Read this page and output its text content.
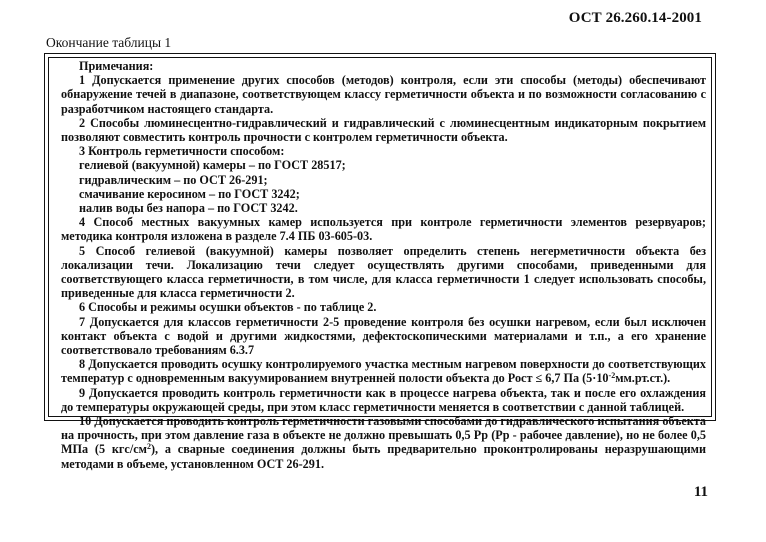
ОСТ 26.260.14-2001
Окончание таблицы 1

Примечания:

1 Допускается применение других способов (методов) контроля, если эти способы (методы) обеспечивают обнаружение течей в диапазоне, соответствующем классу герметичности объекта и по возможности согласованию с разработчиком настоящего стандарта.

2 Способы люминесцентно-гидравлический и гидравлический с люминесцентным индикаторным покрытием позволяют совместить контроль прочности с контролем герметичности объекта.

3 Контроль герметичности способом:

гелиевой (вакуумной) камеры – по ГОСТ 28517;

гидравлическим – по ОСТ 26-291;

смачивание керосином – по ГОСТ 3242;

налив воды без напора – по ГОСТ 3242.

4 Способ местных вакуумных камер используется при контроле герметичности элементов резервуаров; методика контроля изложена в разделе 7.4 ПБ 03-605-03.

5 Способ гелиевой (вакуумной) камеры позволяет определить степень негерметичности объекта без локализации течи. Локализацию течи следует осуществлять другими способами, приведенными для соответствующего класса герметичности, в том числе, для класса герметичности 1 следует использовать способы, приведенные для класса герметичности 2.

6 Способы и режимы осушки объектов - по таблице 2.

7 Допускается для классов герметичности 2-5 проведение контроля без осушки нагревом, если был исключен контакт объекта с водой и другими жидкостями, дефектоскопическими материалами и т.п., а его хранение соответствовало требованиям 6.3.7

8 Допускается проводить осушку контролируемого участка местным нагревом поверхности до соответствующих температур с одновременным вакуумированием внутренней полости объекта до Рост ≤ 6,7 Па $(5\cdot 10^{-2}мм.рт.ст.)$.

9 Допускается проводить контроль герметичности как в процессе нагрева объекта, так и после его охлаждения до температуры окружающей среды, при этом класс герметичности меняется в соответствии с данной таблицей.

10 Допускается проводить контроль герметичности газовыми способами до гидравлического испытания объекта на прочность, при этом давление газа в объекте не должно превышать 0,5 Рр (Рр - рабочее давление), но не более 0,5 МПа (5 кгс/$см^2$), а сварные соединения должны быть предварительно проконтролированы неразрушающими методами в объеме, установленном ОСТ 26-291.

11
